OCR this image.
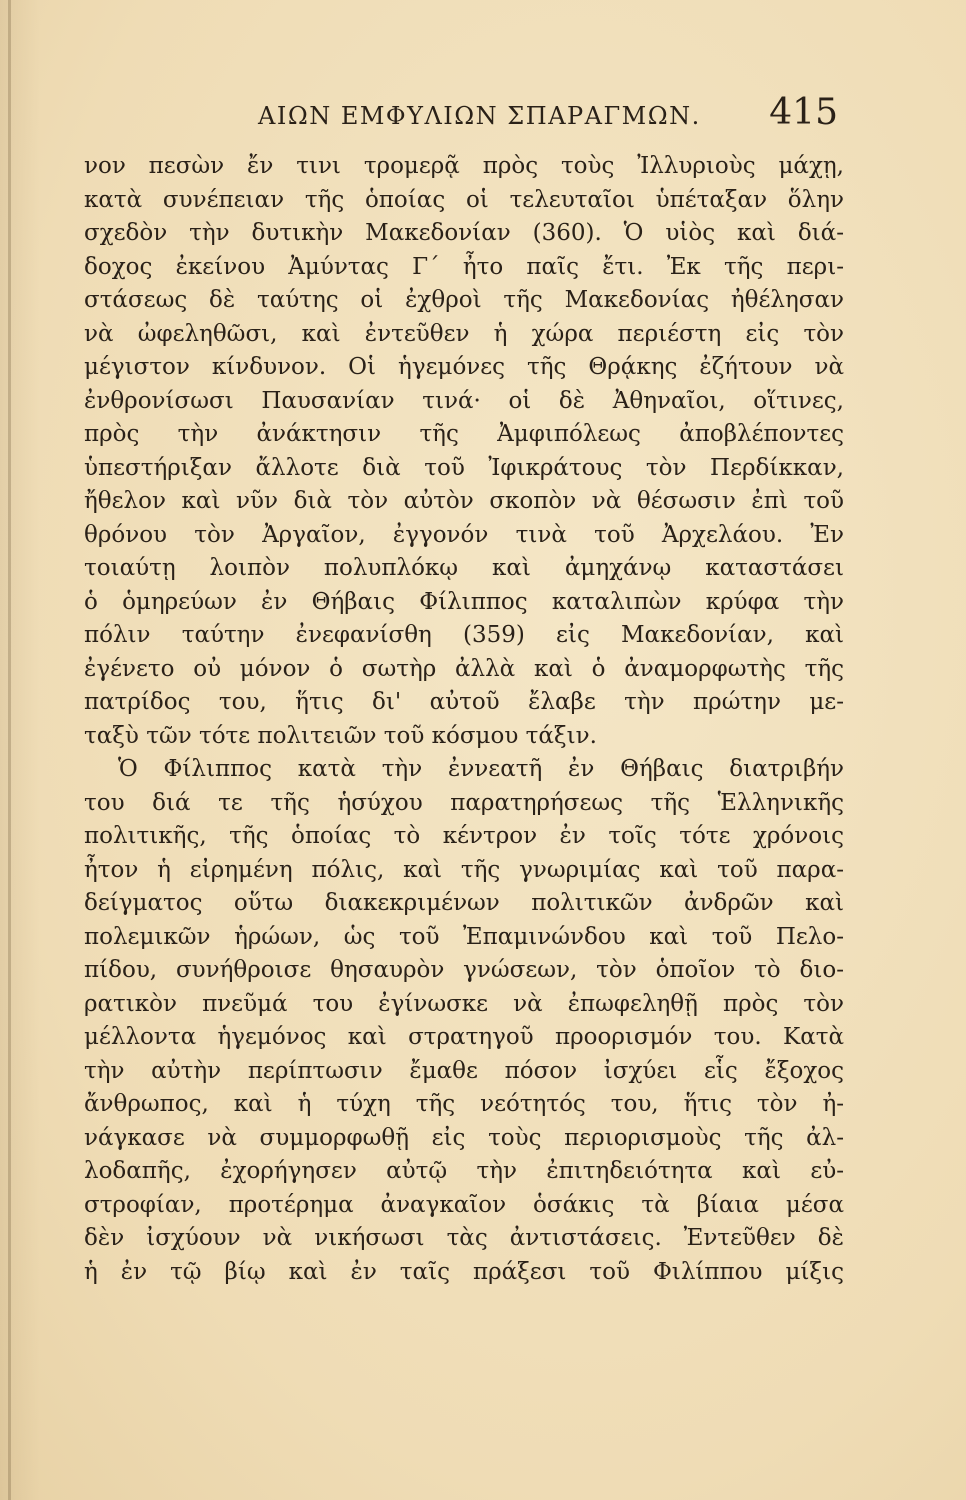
ΑΙΩΝ ΕΜΦΥΛΙΩΝ ΣΠΑΡΑΓΜΩΝ. 415
νον πεσὼν ἔν τινι τρομερᾷ πρὸς τοὺς Ἰλλυριοὺς μάχῃ,
κατὰ συνέπειαν τῆς ὁποίας οἱ τελευταῖοι ὑπέταξαν ὅλην
σχεδὸν τὴν δυτικὴν Μακεδονίαν (360). Ὁ υἱὸς καὶ διά-
δοχος ἐκείνου Ἀμύντας Γ΄ ἦτο παῖς ἔτι. Ἐκ τῆς περι-
στάσεως δὲ ταύτης οἱ ἐχθροὶ τῆς Μακεδονίας ἠθέλησαν
νὰ ὠφεληθῶσι, καὶ ἐντεῦθεν ἡ χώρα περιέστη εἰς τὸν
μέγιστον κίνδυνον. Οἱ ἡγεμόνες τῆς Θρᾴκης ἐζήτουν νὰ
ἐνθρονίσωσι Παυσανίαν τινά· οἱ δὲ Ἀθηναῖοι, οἵτινες,
πρὸς τὴν ἀνάκτησιν τῆς Ἀμφιπόλεως ἀποβλέποντες
ὑπεστήριξαν ἄλλοτε διὰ τοῦ Ἰφικράτους τὸν Περδίκκαν,
ἤθελον καὶ νῦν διὰ τὸν αὐτὸν σκοπὸν νὰ θέσωσιν ἐπὶ τοῦ
θρόνου τὸν Ἀργαῖον, ἐγγονόν τινὰ τοῦ Ἀρχελάου. Ἐν
τοιαύτῃ λοιπὸν πολυπλόκῳ καὶ ἀμηχάνῳ καταστάσει
ὁ ὁμηρεύων ἐν Θήβαις Φίλιππος καταλιπὼν κρύφα τὴν
πόλιν ταύτην ἐνεφανίσθη (359) εἰς Μακεδονίαν, καὶ
ἐγένετο οὐ μόνον ὁ σωτὴρ ἀλλὰ καὶ ὁ ἀναμορφωτὴς τῆς
πατρίδος του, ἥτις δι' αὐτοῦ ἔλαβε τὴν πρώτην με-
ταξὺ τῶν τότε πολιτειῶν τοῦ κόσμου τάξιν.
Ὁ Φίλιππος κατὰ τὴν ἐννεατῆ ἐν Θήβαις διατριβήν
του διά τε τῆς ἡσύχου παρατηρήσεως τῆς Ἑλληνικῆς
πολιτικῆς, τῆς ὁποίας τὸ κέντρον ἐν τοῖς τότε χρόνοις
ἦτον ἡ εἰρημένη πόλις, καὶ τῆς γνωριμίας καὶ τοῦ παρα-
δείγματος οὕτω διακεκριμένων πολιτικῶν ἀνδρῶν καὶ
πολεμικῶν ἡρώων, ὡς τοῦ Ἐπαμινώνδου καὶ τοῦ Πελο-
πίδου, συνήθροισε θησαυρὸν γνώσεων, τὸν ὁποῖον τὸ διο-
ρατικὸν πνεῦμά του ἐγίνωσκε νὰ ἐπωφεληθῇ πρὸς τὸν
μέλλοντα ἡγεμόνος καὶ στρατηγοῦ προορισμόν του. Κατὰ
τὴν αὐτὴν περίπτωσιν ἔμαθε πόσον ἰσχύει εἷς ἔξοχος
ἄνθρωπος, καὶ ἡ τύχη τῆς νεότητός του, ἥτις τὸν ἠ-
νάγκασε νὰ συμμορφωθῇ εἰς τοὺς περιορισμοὺς τῆς ἀλ-
λοδαπῆς, ἐχορήγησεν αὐτῷ τὴν ἐπιτηδειότητα καὶ εὐ-
στροφίαν, προτέρημα ἀναγκαῖον ὁσάκις τὰ βίαια μέσα
δὲν ἰσχύουν νὰ νικήσωσι τὰς ἀντιστάσεις. Ἐντεῦθεν δὲ
ἡ ἐν τῷ βίῳ καὶ ἐν ταῖς πράξεσι τοῦ Φιλίππου μίξις
